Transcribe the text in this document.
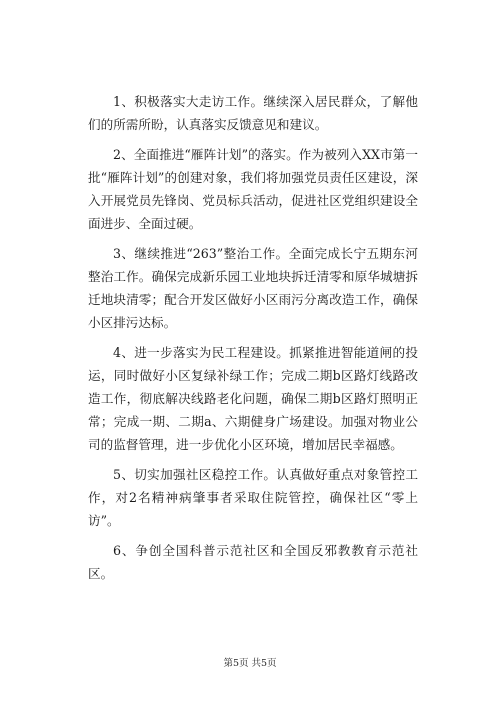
1、积极落实大走访工作。继续深入居民群众，了解他们的所需所盼，认真落实反馈意见和建议。

2、全面推进“雁阵计划”的落实。作为被列入XX市第一批“雁阵计划”的创建对象，我们将加强党员责任区建设，深入开展党员先锋岗、党员标兵活动，促进社区党组织建设全面进步、全面过硬。

3、继续推进“263”整治工作。全面完成长宁五期东河整治工作。确保完成新乐园工业地块拆迁清零和原华城塘拆迁地块清零；配合开发区做好小区雨污分离改造工作，确保小区排污达标。

4、进一步落实为民工程建设。抓紧推进智能道闸的投运，同时做好小区复绿补绿工作；完成二期b区路灯线路改造工作，彻底解决线路老化问题，确保二期b区路灯照明正常；完成一期、二期a、六期健身广场建设。加强对物业公司的监督管理，进一步优化小区环境，增加居民幸福感。

5、切实加强社区稳控工作。认真做好重点对象管控工作，对2名精神病肇事者采取住院管控，确保社区“零上访”。

6、争创全国科普示范社区和全国反邪教教育示范社区。

第5页 共5页
